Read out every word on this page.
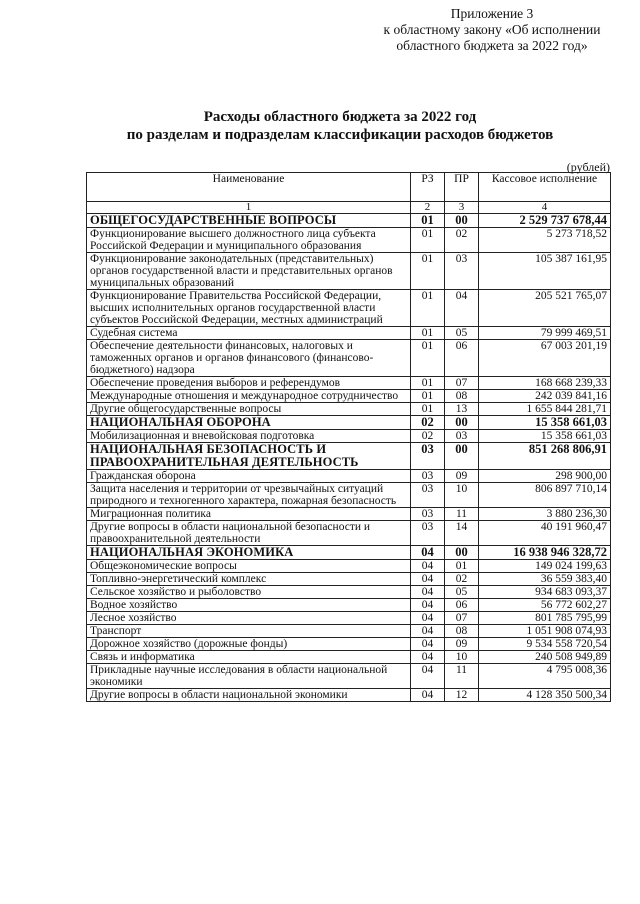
Приложение 3
к областному закону «Об исполнении
областного бюджета за 2022 год»
Расходы областного бюджета за 2022 год
по разделам и подразделам классификации расходов бюджетов
(рублей)
Наименование	РЗ	ПР	Кассовое исполнение
1	2	3	4
ОБЩЕГОСУДАРСТВЕННЫЕ ВОПРОСЫ	01	00	2 529 737 678,44
Функционирование высшего должностного лица субъекта Российской Федерации и муниципального образования	01	02	5 273 718,52
Функционирование законодательных (представительных) органов государственной власти и представительных органов муниципальных образований	01	03	105 387 161,95
Функционирование Правительства Российской Федерации, высших исполнительных органов государственной власти субъектов Российской Федерации, местных администраций	01	04	205 521 765,07
Судебная система	01	05	79 999 469,51
Обеспечение деятельности финансовых, налоговых и таможенных органов и органов финансового (финансово-бюджетного) надзора	01	06	67 003 201,19
Обеспечение проведения выборов и референдумов	01	07	168 668 239,33
Международные отношения и международное сотрудничество	01	08	242 039 841,16
Другие общегосударственные вопросы	01	13	1 655 844 281,71
НАЦИОНАЛЬНАЯ ОБОРОНА	02	00	15 358 661,03
Мобилизационная и вневойсковая подготовка	02	03	15 358 661,03
НАЦИОНАЛЬНАЯ БЕЗОПАСНОСТЬ И ПРАВООХРАНИТЕЛЬНАЯ ДЕЯТЕЛЬНОСТЬ	03	00	851 268 806,91
Гражданская оборона	03	09	298 900,00
Защита населения и территории от чрезвычайных ситуаций природного и техногенного характера, пожарная безопасность	03	10	806 897 710,14
Миграционная политика	03	11	3 880 236,30
Другие вопросы в области национальной безопасности и правоохранительной деятельности	03	14	40 191 960,47
НАЦИОНАЛЬНАЯ ЭКОНОМИКА	04	00	16 938 946 328,72
Общеэкономические вопросы	04	01	149 024 199,63
Топливно-энергетический комплекс	04	02	36 559 383,40
Сельское хозяйство и рыболовство	04	05	934 683 093,37
Водное хозяйство	04	06	56 772 602,27
Лесное хозяйство	04	07	801 785 795,99
Транспорт	04	08	1 051 908 074,93
Дорожное хозяйство (дорожные фонды)	04	09	9 534 558 720,54
Связь и информатика	04	10	240 508 949,89
Прикладные научные исследования в области национальной экономики	04	11	4 795 008,36
Другие вопросы в области национальной экономики	04	12	4 128 350 500,34
